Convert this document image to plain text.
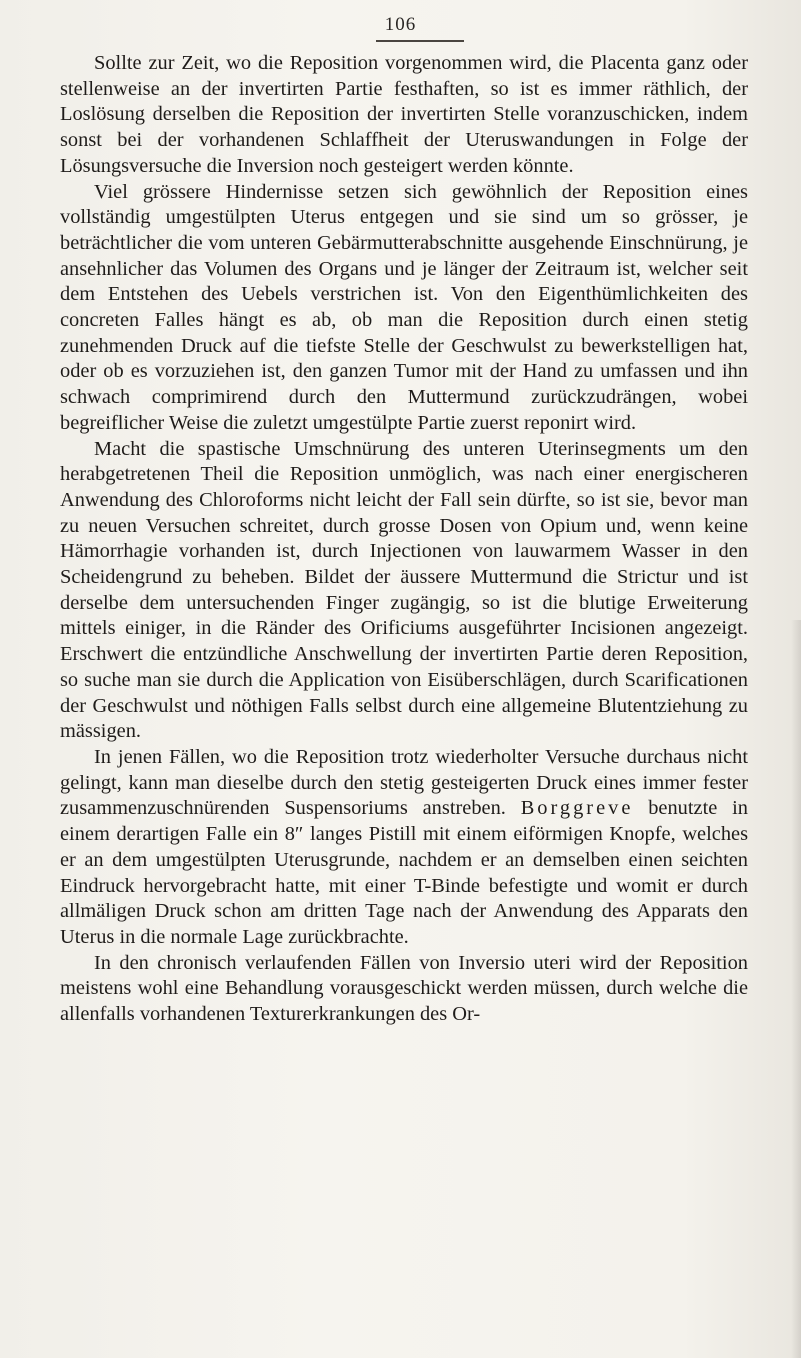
106

Sollte zur Zeit, wo die Reposition vorgenommen wird, die Placenta ganz oder stellenweise an der invertirten Partie festhaften, so ist es immer räthlich, der Loslösung derselben die Reposition der invertirten Stelle voranzuschicken, indem sonst bei der vorhandenen Schlaffheit der Uteruswandungen in Folge der Lösungsversuche die Inversion noch gesteigert werden könnte.

Viel grössere Hindernisse setzen sich gewöhnlich der Reposition eines vollständig umgestülpten Uterus entgegen und sie sind um so grösser, je beträchtlicher die vom unteren Gebärmutterabschnitte ausgehende Einschnürung, je ansehnlicher das Volumen des Organs und je länger der Zeitraum ist, welcher seit dem Entstehen des Uebels verstrichen ist. Von den Eigenthümlichkeiten des concreten Falles hängt es ab, ob man die Reposition durch einen stetig zunehmenden Druck auf die tiefste Stelle der Geschwulst zu bewerkstelligen hat, oder ob es vorzuziehen ist, den ganzen Tumor mit der Hand zu umfassen und ihn schwach comprimirend durch den Muttermund zurückzudrängen, wobei begreiflicher Weise die zuletzt umgestülpte Partie zuerst reponirt wird.

Macht die spastische Umschnürung des unteren Uterinsegments um den herabgetretenen Theil die Reposition unmöglich, was nach einer energischeren Anwendung des Chloroforms nicht leicht der Fall sein dürfte, so ist sie, bevor man zu neuen Versuchen schreitet, durch grosse Dosen von Opium und, wenn keine Hämorrhagie vorhanden ist, durch Injectionen von lauwarmem Wasser in den Scheidengrund zu beheben. Bildet der äussere Muttermund die Strictur und ist derselbe dem untersuchenden Finger zugängig, so ist die blutige Erweiterung mittels einiger, in die Ränder des Orificiums ausgeführter Incisionen angezeigt. Erschwert die entzündliche Anschwellung der invertirten Partie deren Reposition, so suche man sie durch die Application von Eisüberschlägen, durch Scarificationen der Geschwulst und nöthigen Falls selbst durch eine allgemeine Blutentziehung zu mässigen.

In jenen Fällen, wo die Reposition trotz wiederholter Versuche durchaus nicht gelingt, kann man dieselbe durch den stetig gesteigerten Druck eines immer fester zusammenzuschnürenden Suspensoriums anstreben. Borggreve benutzte in einem derartigen Falle ein 8″ langes Pistill mit einem eiförmigen Knopfe, welches er an dem umgestülpten Uterusgrunde, nachdem er an demselben einen seichten Eindruck hervorgebracht hatte, mit einer T-Binde befestigte und womit er durch allmäligen Druck schon am dritten Tage nach der Anwendung des Apparats den Uterus in die normale Lage zurückbrachte.

In den chronisch verlaufenden Fällen von Inversio uteri wird der Reposition meistens wohl eine Behandlung vorausgeschickt werden müssen, durch welche die allenfalls vorhandenen Texturerkrankungen des Or-
